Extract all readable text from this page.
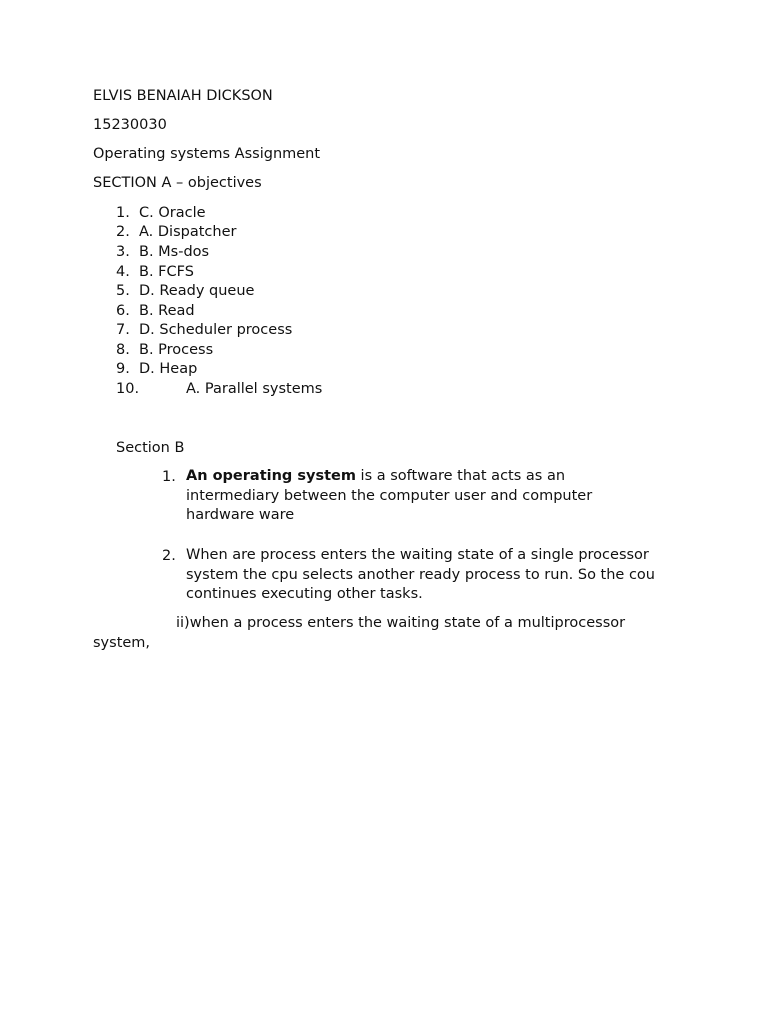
ELVIS BENAIAH DICKSON
15230030
Operating systems Assignment
SECTION A – objectives
1. C. Oracle
2. A. Dispatcher
3. B. Ms-dos
4. B. FCFS
5. D. Ready queue
6. B. Read
7. D. Scheduler process
8. B. Process
9. D. Heap
10.	A. Parallel systems
Section B
1. An operating system is a software that acts as an intermediary between the computer user and computer hardware ware
2. When are process enters the waiting state of a single processor system the cpu selects another ready process to run. So the cou continues executing other tasks.
ii)when a process enters the waiting state of a multiprocessor system,
